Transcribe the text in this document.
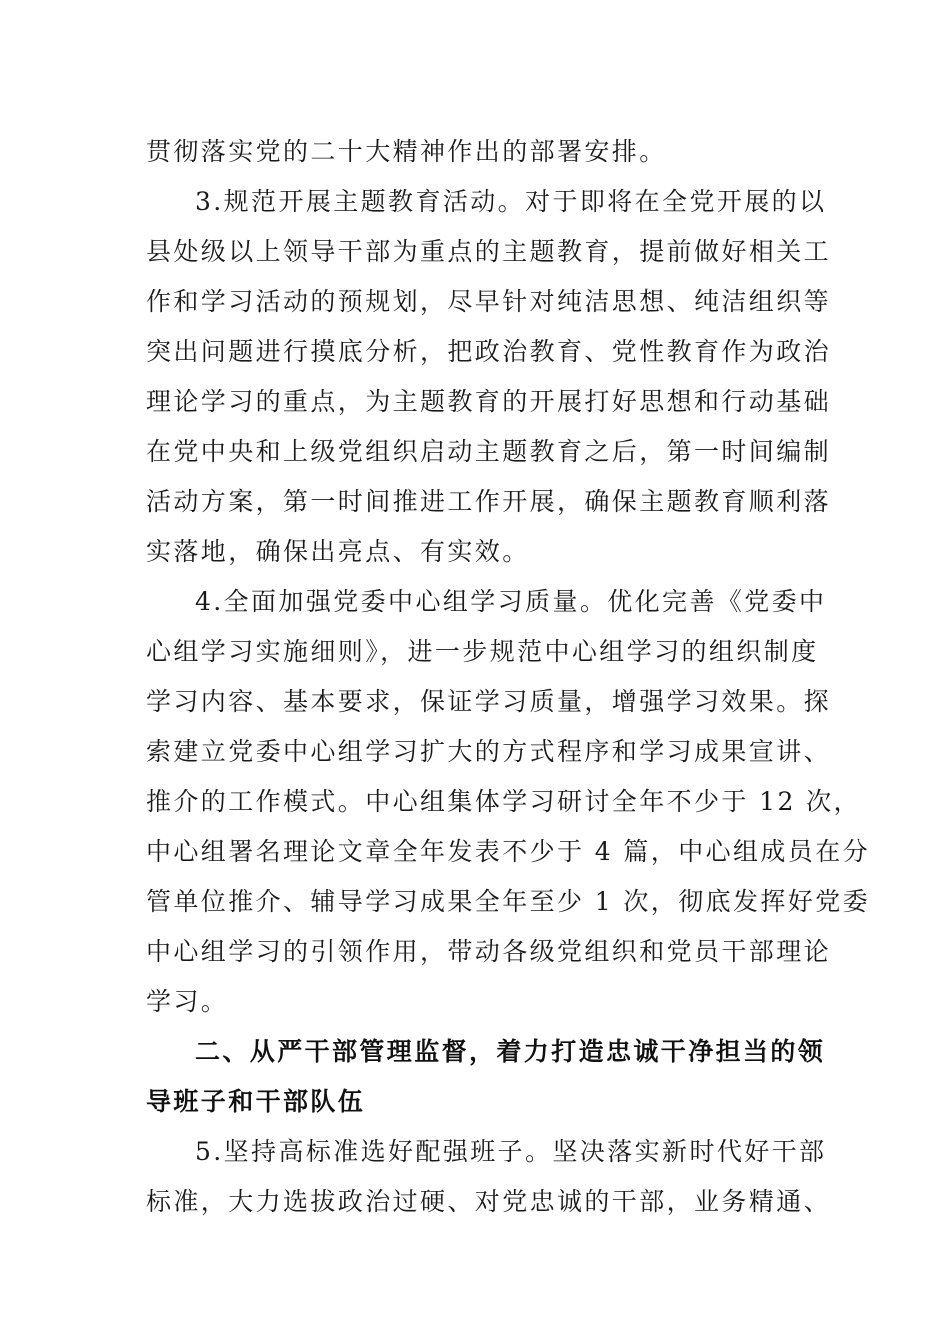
贯彻落实党的二十大精神作出的部署安排。
3.规范开展主题教育活动。对于即将在全党开展的以
县处级以上领导干部为重点的主题教育，提前做好相关工
作和学习活动的预规划，尽早针对纯洁思想、纯洁组织等
突出问题进行摸底分析，把政治教育、党性教育作为政治
理论学习的重点，为主题教育的开展打好思想和行动基础
在党中央和上级党组织启动主题教育之后，第一时间编制
活动方案，第一时间推进工作开展，确保主题教育顺利落
实落地，确保出亮点、有实效。
4.全面加强党委中心组学习质量。优化完善《党委中
心组学习实施细则》，进一步规范中心组学习的组织制度
学习内容、基本要求，保证学习质量，增强学习效果。探
索建立党委中心组学习扩大的方式程序和学习成果宣讲、
推介的工作模式。中心组集体学习研讨全年不少于 12 次，
中心组署名理论文章全年发表不少于 4 篇，中心组成员在分
管单位推介、辅导学习成果全年至少 1 次，彻底发挥好党委
中心组学习的引领作用，带动各级党组织和党员干部理论
学习。
二、从严干部管理监督，着力打造忠诚干净担当的领
导班子和干部队伍
5.坚持高标准选好配强班子。坚决落实新时代好干部
标准，大力选拔政治过硬、对党忠诚的干部，业务精通、
